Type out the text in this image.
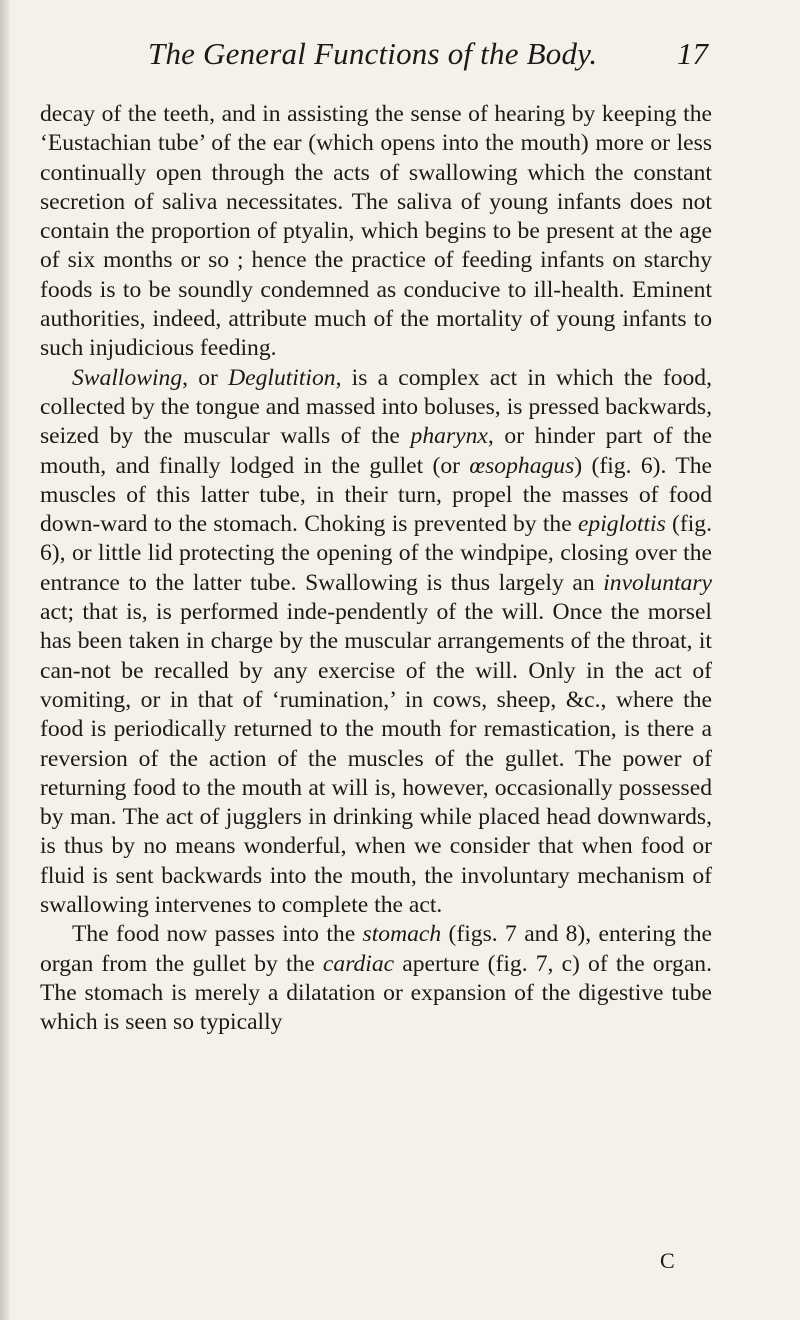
The General Functions of the Body.	17

decay of the teeth, and in assisting the sense of hearing by keeping the ‘Eustachian tube’ of the ear (which opens into the mouth) more or less continually open through the acts of swallowing which the constant secretion of saliva necessitates. The saliva of young infants does not contain the proportion of ptyalin, which begins to be present at the age of six months or so ; hence the practice of feeding infants on starchy foods is to be soundly condemned as conducive to ill-health. Eminent authorities, indeed, attribute much of the mortality of young infants to such injudicious feeding.

Swallowing, or Deglutition, is a complex act in which the food, collected by the tongue and massed into boluses, is pressed backwards, seized by the muscular walls of the pharynx, or hinder part of the mouth, and finally lodged in the gullet (or œsophagus) (fig. 6). The muscles of this latter tube, in their turn, propel the masses of food down-ward to the stomach. Choking is prevented by the epiglottis (fig. 6), or little lid protecting the opening of the windpipe, closing over the entrance to the latter tube. Swallowing is thus largely an involuntary act; that is, is performed inde-pendently of the will. Once the morsel has been taken in charge by the muscular arrangements of the throat, it can-not be recalled by any exercise of the will. Only in the act of vomiting, or in that of ‘rumination,’ in cows, sheep, &c., where the food is periodically returned to the mouth for remastication, is there a reversion of the action of the muscles of the gullet. The power of returning food to the mouth at will is, however, occasionally possessed by man. The act of jugglers in drinking while placed head downwards, is thus by no means wonderful, when we consider that when food or fluid is sent backwards into the mouth, the involuntary mechanism of swallowing intervenes to complete the act.

The food now passes into the stomach (figs. 7 and 8), entering the organ from the gullet by the cardiac aperture (fig. 7, c) of the organ. The stomach is merely a dilatation or expansion of the digestive tube which is seen so typically

C
